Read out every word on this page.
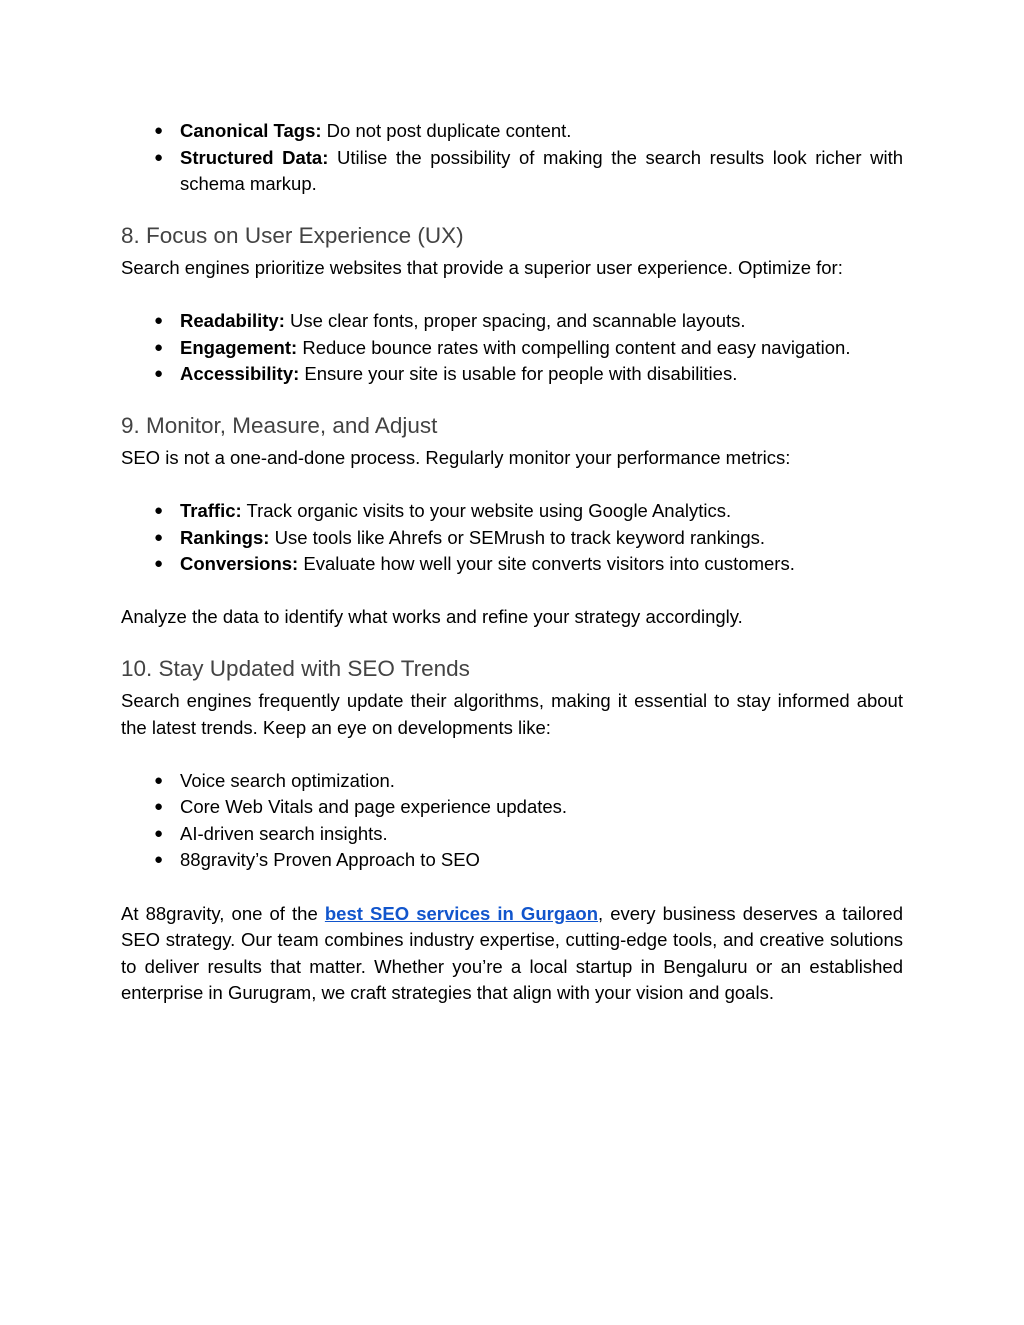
● Canonical Tags: Do not post duplicate content.
● Structured Data: Utilise the possibility of making the search results look richer with schema markup.
8. Focus on User Experience (UX)

Search engines prioritize websites that provide a superior user experience. Optimize for:

● Readability: Use clear fonts, proper spacing, and scannable layouts.
● Engagement: Reduce bounce rates with compelling content and easy navigation.
● Accessibility: Ensure your site is usable for people with disabilities.
9. Monitor, Measure, and Adjust

SEO is not a one-and-done process. Regularly monitor your performance metrics:

● Traffic: Track organic visits to your website using Google Analytics.
● Rankings: Use tools like Ahrefs or SEMrush to track keyword rankings.
● Conversions: Evaluate how well your site converts visitors into customers.

Analyze the data to identify what works and refine your strategy accordingly.

10. Stay Updated with SEO Trends

Search engines frequently update their algorithms, making it essential to stay informed about the latest trends. Keep an eye on developments like:

● Voice search optimization.
● Core Web Vitals and page experience updates.
● AI-driven search insights.
● 88gravity’s Proven Approach to SEO

At 88gravity, one of the best SEO services in Gurgaon, every business deserves a tailored SEO strategy. Our team combines industry expertise, cutting-edge tools, and creative solutions to deliver results that matter. Whether you’re a local startup in Bengaluru or an established enterprise in Gurugram, we craft strategies that align with your vision and goals.
